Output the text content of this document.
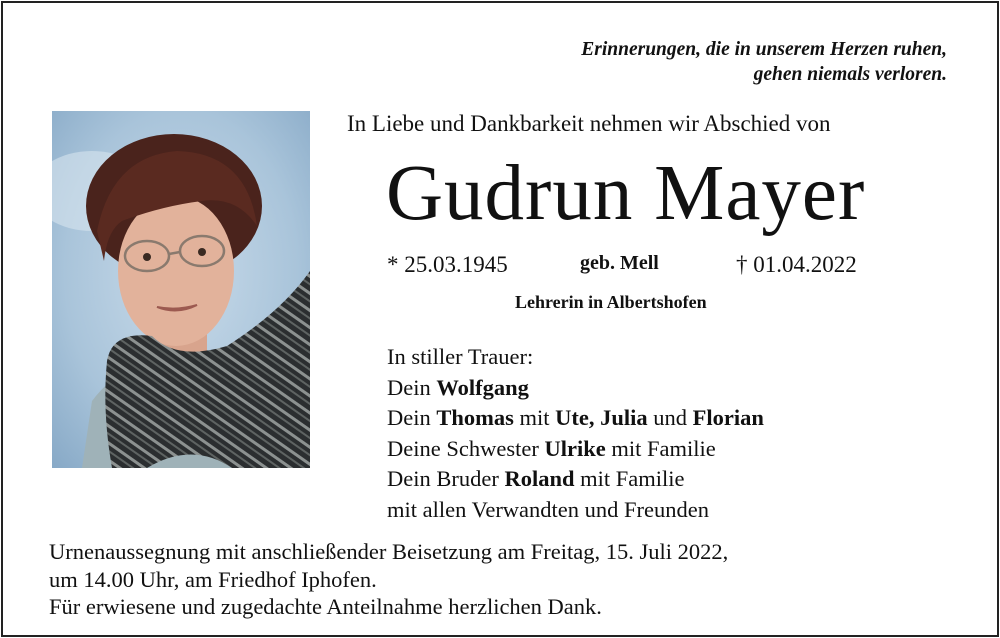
Erinnerungen, die in unserem Herzen ruhen,
gehen niemals verloren.
In Liebe und Dankbarkeit nehmen wir Abschied von
Gudrun Mayer
* 25.03.1945	geb. Mell	† 01.04.2022
Lehrerin in Albertshofen
In stiller Trauer:
Dein Wolfgang
Dein Thomas mit Ute, Julia und Florian
Deine Schwester Ulrike mit Familie
Dein Bruder Roland mit Familie
mit allen Verwandten und Freunden
Urnenaussegnung mit anschließender Beisetzung am Freitag, 15. Juli 2022,
um 14.00 Uhr, am Friedhof Iphofen.
Für erwiesene und zugedachte Anteilnahme herzlichen Dank.
